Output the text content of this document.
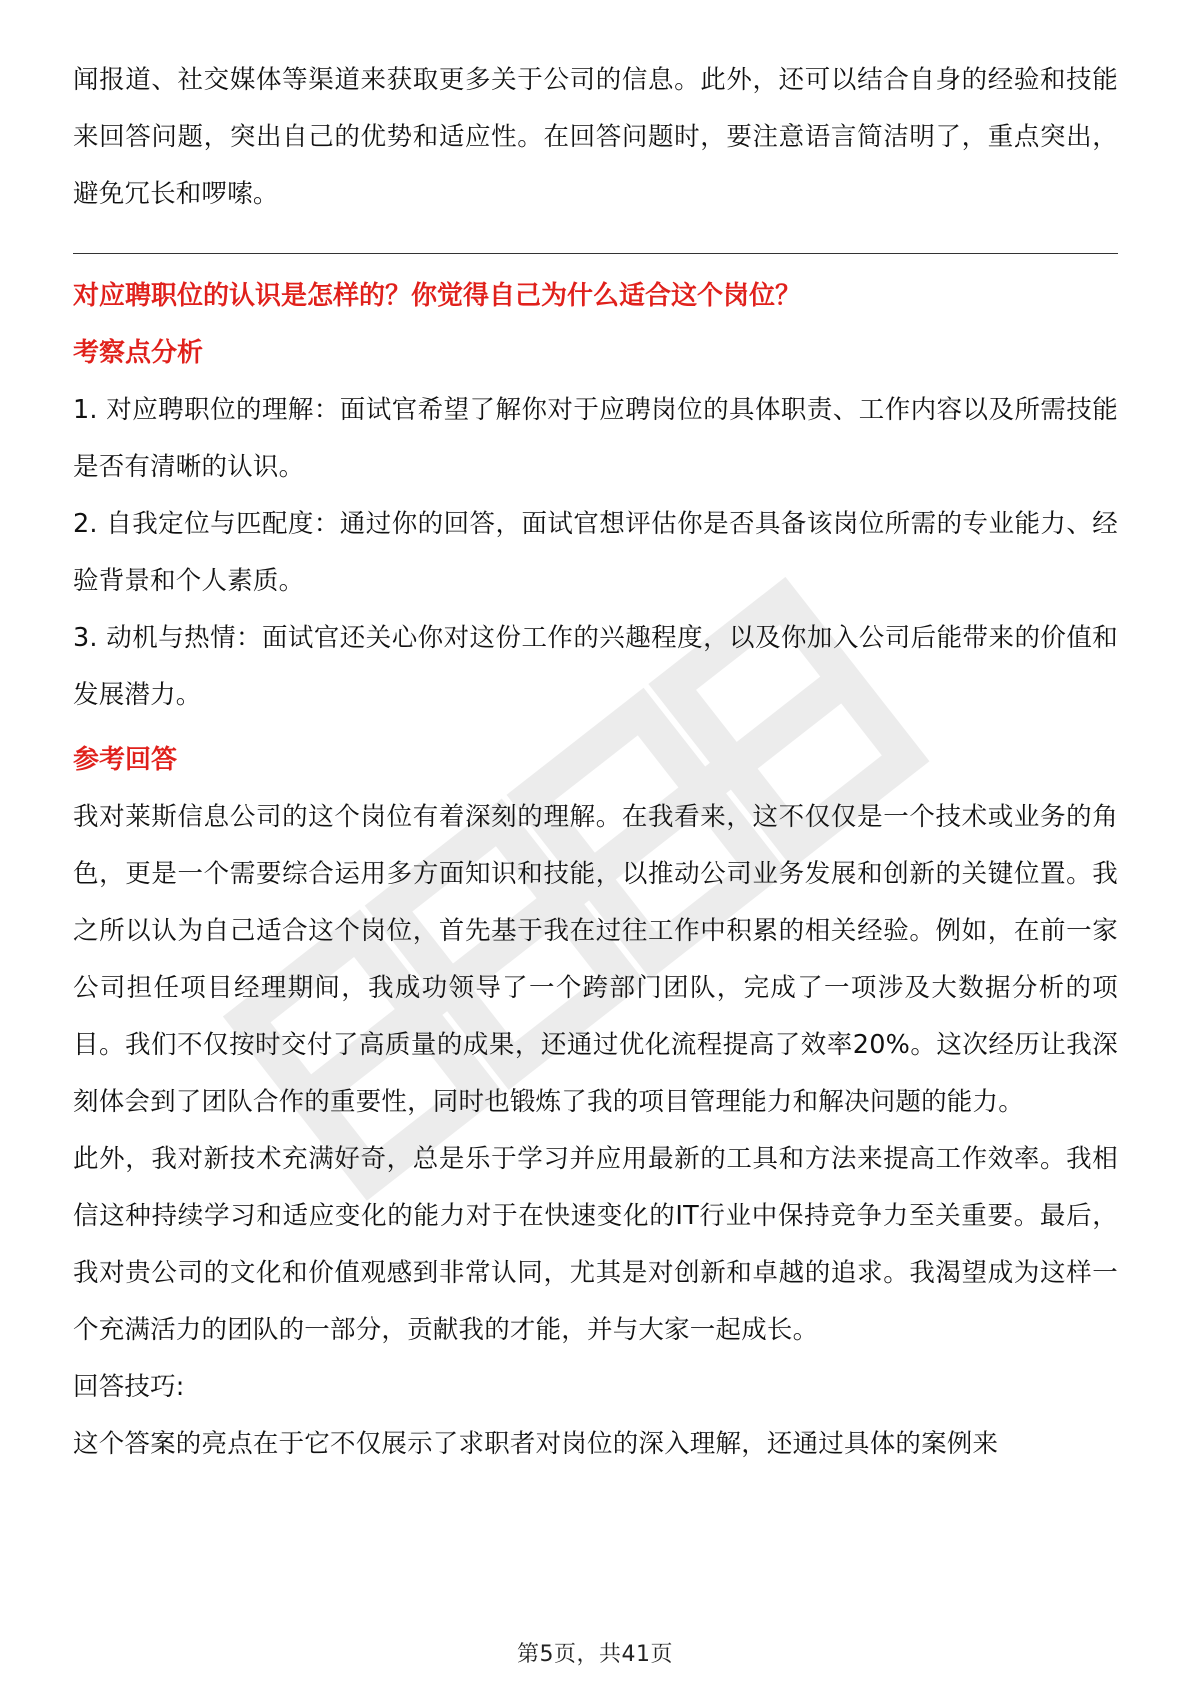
闻报道、社交媒体等渠道来获取更多关于公司的信息。此外，还可以结合自身的经验和技能来回答问题，突出自己的优势和适应性。在回答问题时，要注意语言简洁明了，重点突出，避免冗长和啰嗦。

对应聘职位的认识是怎样的？你觉得自己为什么适合这个岗位？

考察点分析

1. 对应聘职位的理解：面试官希望了解你对于应聘岗位的具体职责、工作内容以及所需技能是否有清晰的认识。

2. 自我定位与匹配度：通过你的回答，面试官想评估你是否具备该岗位所需的专业能力、经验背景和个人素质。

3. 动机与热情：面试官还关心你对这份工作的兴趣程度，以及你加入公司后能带来的价值和发展潜力。

参考回答

我对莱斯信息公司的这个岗位有着深刻的理解。在我看来，这不仅仅是一个技术或业务的角色，更是一个需要综合运用多方面知识和技能，以推动公司业务发展和创新的关键位置。我之所以认为自己适合这个岗位，首先基于我在过往工作中积累的相关经验。例如，在前一家公司担任项目经理期间，我成功领导了一个跨部门团队，完成了一项涉及大数据分析的项目。我们不仅按时交付了高质量的成果，还通过优化流程提高了效率20%。这次经历让我深刻体会到了团队合作的重要性，同时也锻炼了我的项目管理能力和解决问题的能力。

此外，我对新技术充满好奇，总是乐于学习并应用最新的工具和方法来提高工作效率。我相信这种持续学习和适应变化的能力对于在快速变化的IT行业中保持竞争力至关重要。最后，我对贵公司的文化和价值观感到非常认同，尤其是对创新和卓越的追求。我渴望成为这样一个充满活力的团队的一部分，贡献我的才能，并与大家一起成长。

回答技巧:

这个答案的亮点在于它不仅展示了求职者对岗位的深入理解，还通过具体的案例来

第5页，共41页
